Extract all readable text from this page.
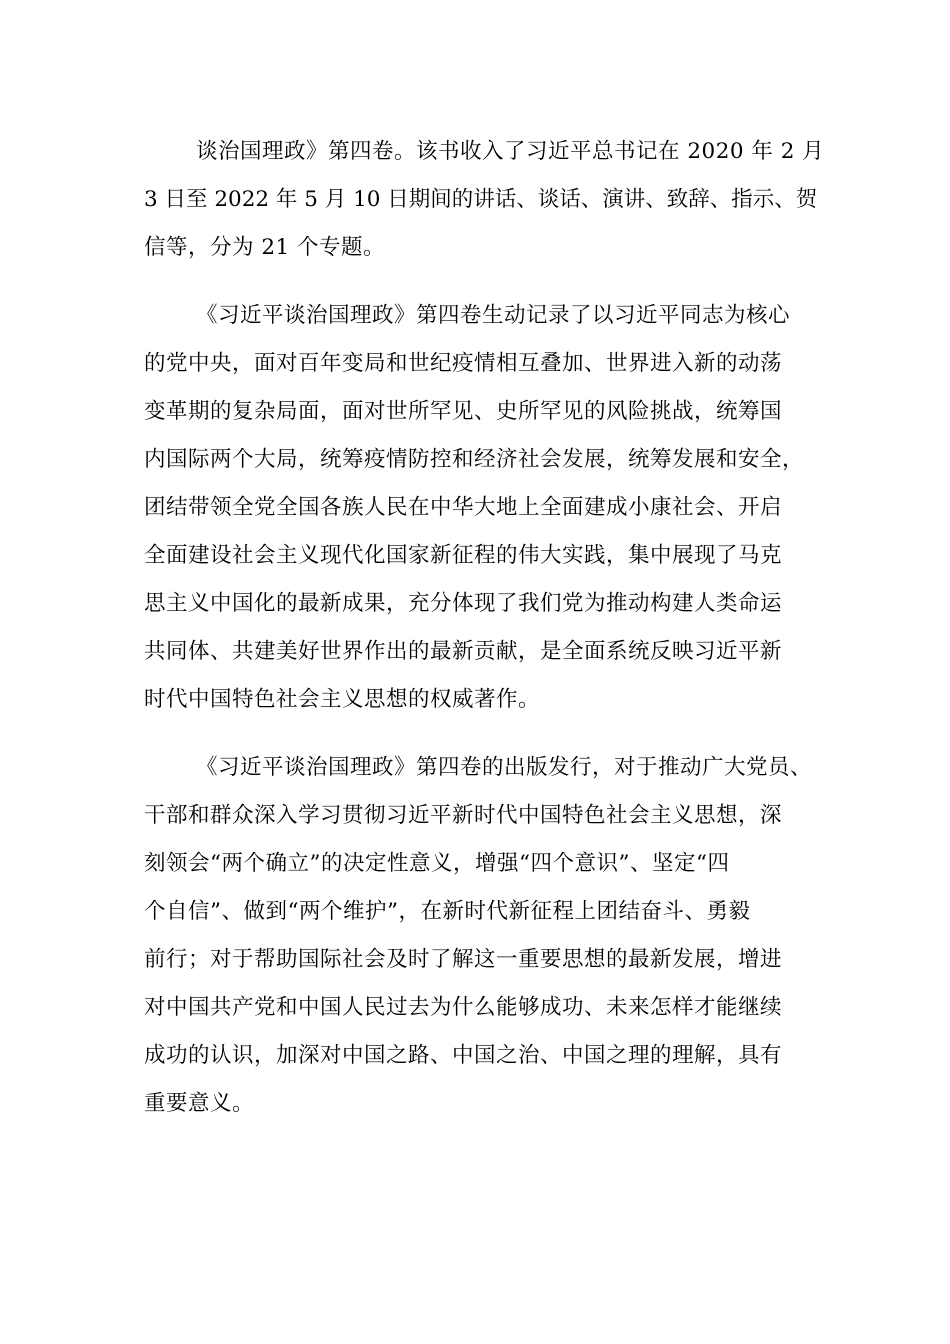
谈治国理政》第四卷。该书收入了习近平总书记在 2020 年 2 月
3 日至 2022 年 5 月 10 日期间的讲话、谈话、演讲、致辞、指示、贺
信等，分为 21 个专题。
《习近平谈治国理政》第四卷生动记录了以习近平同志为核心
的党中央，面对百年变局和世纪疫情相互叠加、世界进入新的动荡
变革期的复杂局面，面对世所罕见、史所罕见的风险挑战，统筹国
内国际两个大局，统筹疫情防控和经济社会发展，统筹发展和安全，
团结带领全党全国各族人民在中华大地上全面建成小康社会、开启
全面建设社会主义现代化国家新征程的伟大实践，集中展现了马克
思主义中国化的最新成果，充分体现了我们党为推动构建人类命运
共同体、共建美好世界作出的最新贡献，是全面系统反映习近平新
时代中国特色社会主义思想的权威著作。
《习近平谈治国理政》第四卷的出版发行，对于推动广大党员、
干部和群众深入学习贯彻习近平新时代中国特色社会主义思想，深
刻领会“两个确立”的决定性意义，增强“四个意识”、坚定“四
个自信”、做到“两个维护”，在新时代新征程上团结奋斗、勇毅
前行；对于帮助国际社会及时了解这一重要思想的最新发展，增进
对中国共产党和中国人民过去为什么能够成功、未来怎样才能继续
成功的认识，加深对中国之路、中国之治、中国之理的理解，具有
重要意义。
